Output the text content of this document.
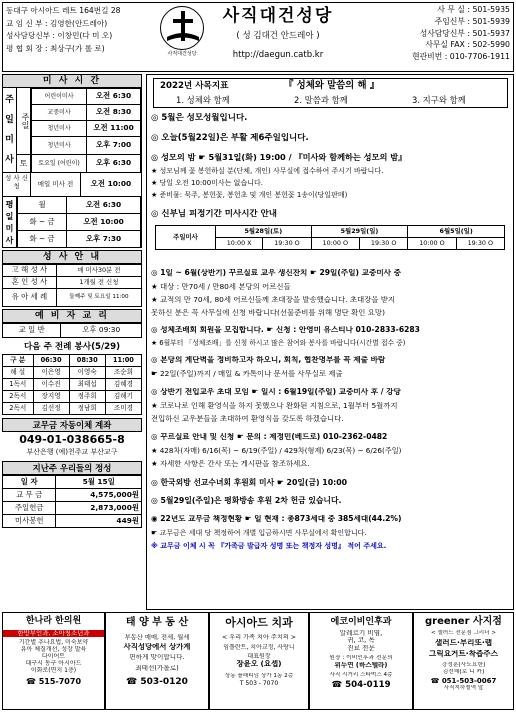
동대구 아시아드 레트 164번길 28
교 임 신 부 : 김영한(안드레아)
성사담당신부 : 이창민(다 미 오)
평 협 회 장 : 최상구(가 롤 로)
사직대건성당
사직대건성당
( 성 김대건 안드레아 )
http://daegun.catb.kr
사 무 실 : 501-5935
주임신부 : 501-5939
성사담당신부 : 501-5937
사무실 FAX : 502-5990
현관비번 : 010-7706-1911
미 사 시 간
주
일
미
사
주일
토
어린이미사	오전 6:30
교중미사	오전 8:30
청년미사	오전 11:00
청년미사	오후 7:00
토요일 (어린이)	오후 6:30
성 사 신 청	매일 미사 전	오전 10:00
평 일 미 사
월	오전 6:30
화 ~ 금	오전 10:00
화 ~ 금	오후 7:30
성 사 안 내
고 해 성 사	매 미사30분 전
혼 인 성 사	1개월 전 신청
유 아 세 례	둘째주 및 토요일 11:00
예 비 자 교 리
교 일 반	오후 09:30
다음 주 전례 봉사(5/29)
구 분	06:30	08:30	11:00
해 설	이은영	이영숙	조순희
1독서	이수진	최태섭	김혜경
2독서	장지영	정주희	김해기
2독서	김선정	정남희	조미경
교무금 자동이체 계좌
049-01-038665-8
부산은행 (예)천주교 부산교구
지난주 우리들의 정성
일 자	5월 15일
교 무 금	4,575,000원
주일헌금	2,873,000원
미사봉헌	449원
2022년 사목지표	『 성체와 말씀의 해 』
1. 성체와 함께	2. 말씀과 함께	3. 지구와 함께
◎ 5월은 성모성월입니다.
◎ 오늘(5월22일)은 부활 제6주일입니다.
◎ 성모의 밤 ☛ 5월31일(화) 19:00 / 『미사와 함께하는 성모의 밤』
★ 성모님께 꽃 봉헌하실 분(단체, 개인) 사무실에 접수하여 주시기 바랍니다.
★ 당일 오전 10:00미사는 없습니다.
★ 준비물: 묵주, 봉헌꽃, 봉헌초 및 개인 봉헌꽃 1송이(당일판매)
◎ 신부님 피정기간 미사시간 안내
주일미사	5월28일(토)		5월29일(일)		6월5일(일)	
	10:00 X	19:30 O	10:00 O	19:30 O	10:00 O	19:30 O
◎ 1일 ~ 6월(상반기) 꾸르실료 교우 생신잔치 ☛ 29일(주일) 교중미사 중
★ 대상 : 만70세 / 만80세 본당의 어르신들
★ 교적의 만 70세, 80세 어르신들께 초대장을 발송했습니다. 초대장을 받지
못하신 분은 꼭 사무실에 신청 바랍니다(선물준비를 위해 명단 확인 요망)
◎ 성체조배회 회원을 모집합니다. ☛ 신청 : 안영미 유스티나 010-2833-6283
★ 6월부터 「성체조배」를 신청 하시고 많은 참여와 봉사를 바랍니다(시간별 접수 중)
◎ 본당의 계단벽을 정비하고자 하오니, 회칙, 협찬명부를 꼭 제출 바람
☛ 22일(주일)까지 / 매일 & 카톡이나 문서를 사무실로 제출
◎ 상반기 전입교우 초대 모임 ☛ 일시 : 6월19일(주일) 교중미사 후 / 강당
★ 코로나로 인해 환영식을 하지 못했으나 완화된 지침으로, 1월부터 5월까지
전입하신 교우분들을 초대하여 환영식을 갖도록 하겠습니다.
◎ 꾸르실료 안내 및 신청 ☛ 문의 : 제정민(베드로) 010-2362-0482
★ 428차(자매) 6/16(목) ~ 6/19(주일) / 429차(형제) 6/23(목) ~ 6/26(주일)
★ 자세한 사항은 간사 또는 게시판을 참조하세요.
◎ 한국외방 선교수녀회 후원회 미사 ☛ 20일(금) 10:00
◎ 5월29일(주일)은 평화방송 후원 2차 헌금 있습니다.
◉ 22년도 교무금 책정현황 ☛ 일 현재 : 총873세대 중 385세대(44.2%)
☛ 교무금은 세대 당 책정하여 개별 입금하시면 사무실에서 확인합니다.
※ 교무금 이체 시 꼭 『가족금 발급자 성명 또는 책정자 성명』 적어 주세요.
한나라 한의원
한방부인과, 소아청소년과
기간별 추나요법, 미숙보약
유아 체질개선, 성장 발육
다이어트
대구시 동구 아시아드
이화로(면지 1층)
☎ 515-7070
태 양 부 동 산
부동산 매매, 전세, 월세
사직성당에서 상가계
편하게 맞이합니다.
최태선(가롤로)
☎ 503-0120
아시아드 치과
< 우리 가족 치아 주치의 >
임플란트, 치아교정, 사랑니
대표원장
장윤오 (요셉)
상동 플래티넘 상가 1동 2층
T 503 - 7070
에코이비인후과
알레르기 비염,
귀, 코, 목
진료 전문
원장 : 이비인후과 전문의
위두연 (하스텔라)
사직 시거리 스타벅스 4층
☎ 504-0119
greener 사지점
< 셀러드 전문점 그리너 >
샐러드·부리또·랩
그릭요거트·착즙주스
강정훈(사도요한)
김선해(로 니 카)
☎ 051-503-0067
사직지하철역 앞
